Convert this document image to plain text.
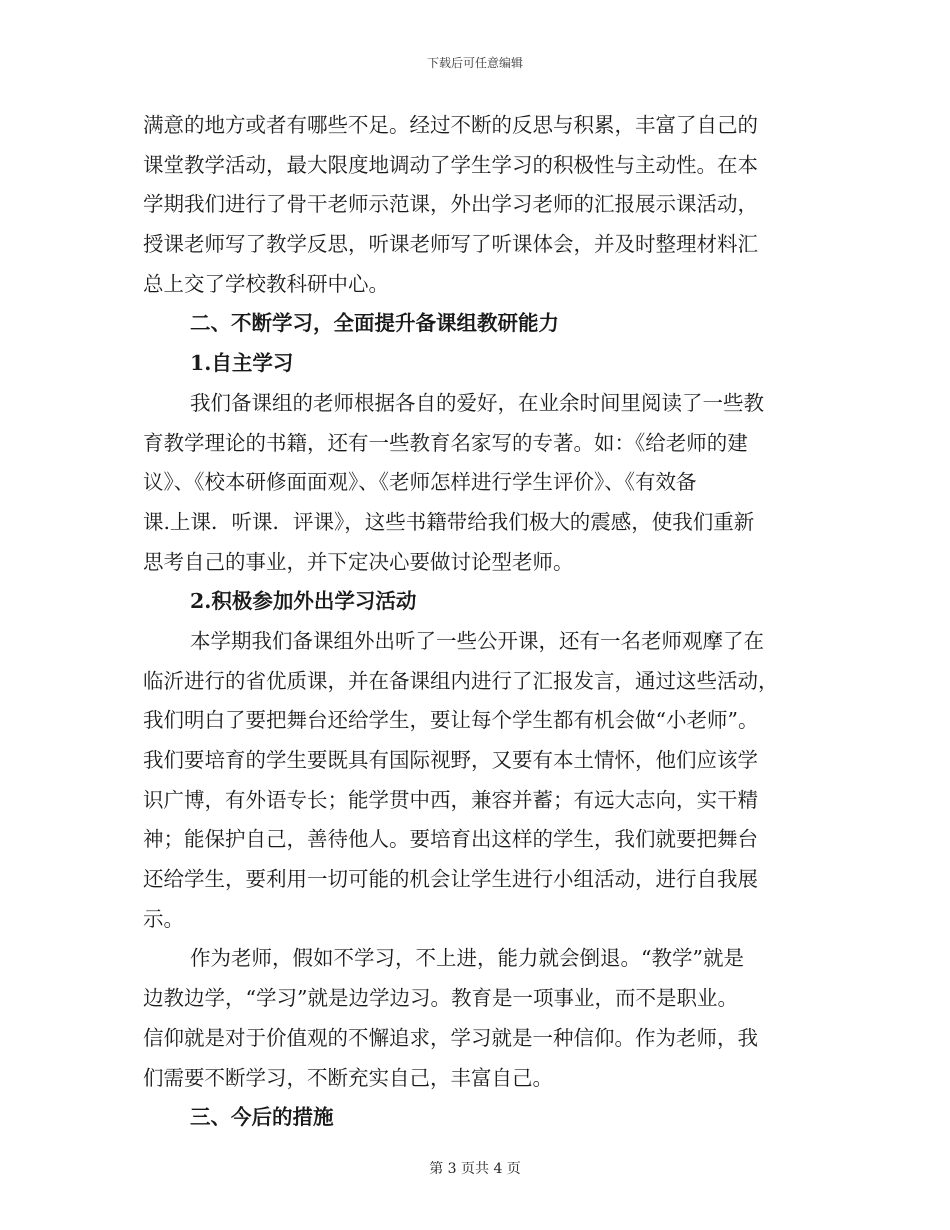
下载后可任意编辑
满意的地方或者有哪些不足。经过不断的反思与积累，丰富了自己的
课堂教学活动，最大限度地调动了学生学习的积极性与主动性。在本
学期我们进行了骨干老师示范课，外出学习老师的汇报展示课活动，
授课老师写了教学反思，听课老师写了听课体会，并及时整理材料汇
总上交了学校教科研中心。
二、不断学习，全面提升备课组教研能力
1.自主学习
我们备课组的老师根据各自的爱好，在业余时间里阅读了一些教
育教学理论的书籍，还有一些教育名家写的专著。如：《给老师的建
议》、《校本研修面面观》、《老师怎样进行学生评价》、《有效备
课.上课．听课．评课》，这些书籍带给我们极大的震感，使我们重新
思考自己的事业，并下定决心要做讨论型老师。
2.积极参加外出学习活动
本学期我们备课组外出听了一些公开课，还有一名老师观摩了在
临沂进行的省优质课，并在备课组内进行了汇报发言，通过这些活动，
我们明白了要把舞台还给学生，要让每个学生都有机会做“小老师”。
我们要培育的学生要既具有国际视野，又要有本土情怀，他们应该学
识广博，有外语专长；能学贯中西，兼容并蓄；有远大志向，实干精
神；能保护自己，善待他人。要培育出这样的学生，我们就要把舞台
还给学生，要利用一切可能的机会让学生进行小组活动，进行自我展
示。
作为老师，假如不学习，不上进，能力就会倒退。“教学”就是
边教边学，“学习”就是边学边习。教育是一项事业，而不是职业。
信仰就是对于价值观的不懈追求，学习就是一种信仰。作为老师，我
们需要不断学习，不断充实自己，丰富自己。
三、今后的措施
第 3 页共 4 页
